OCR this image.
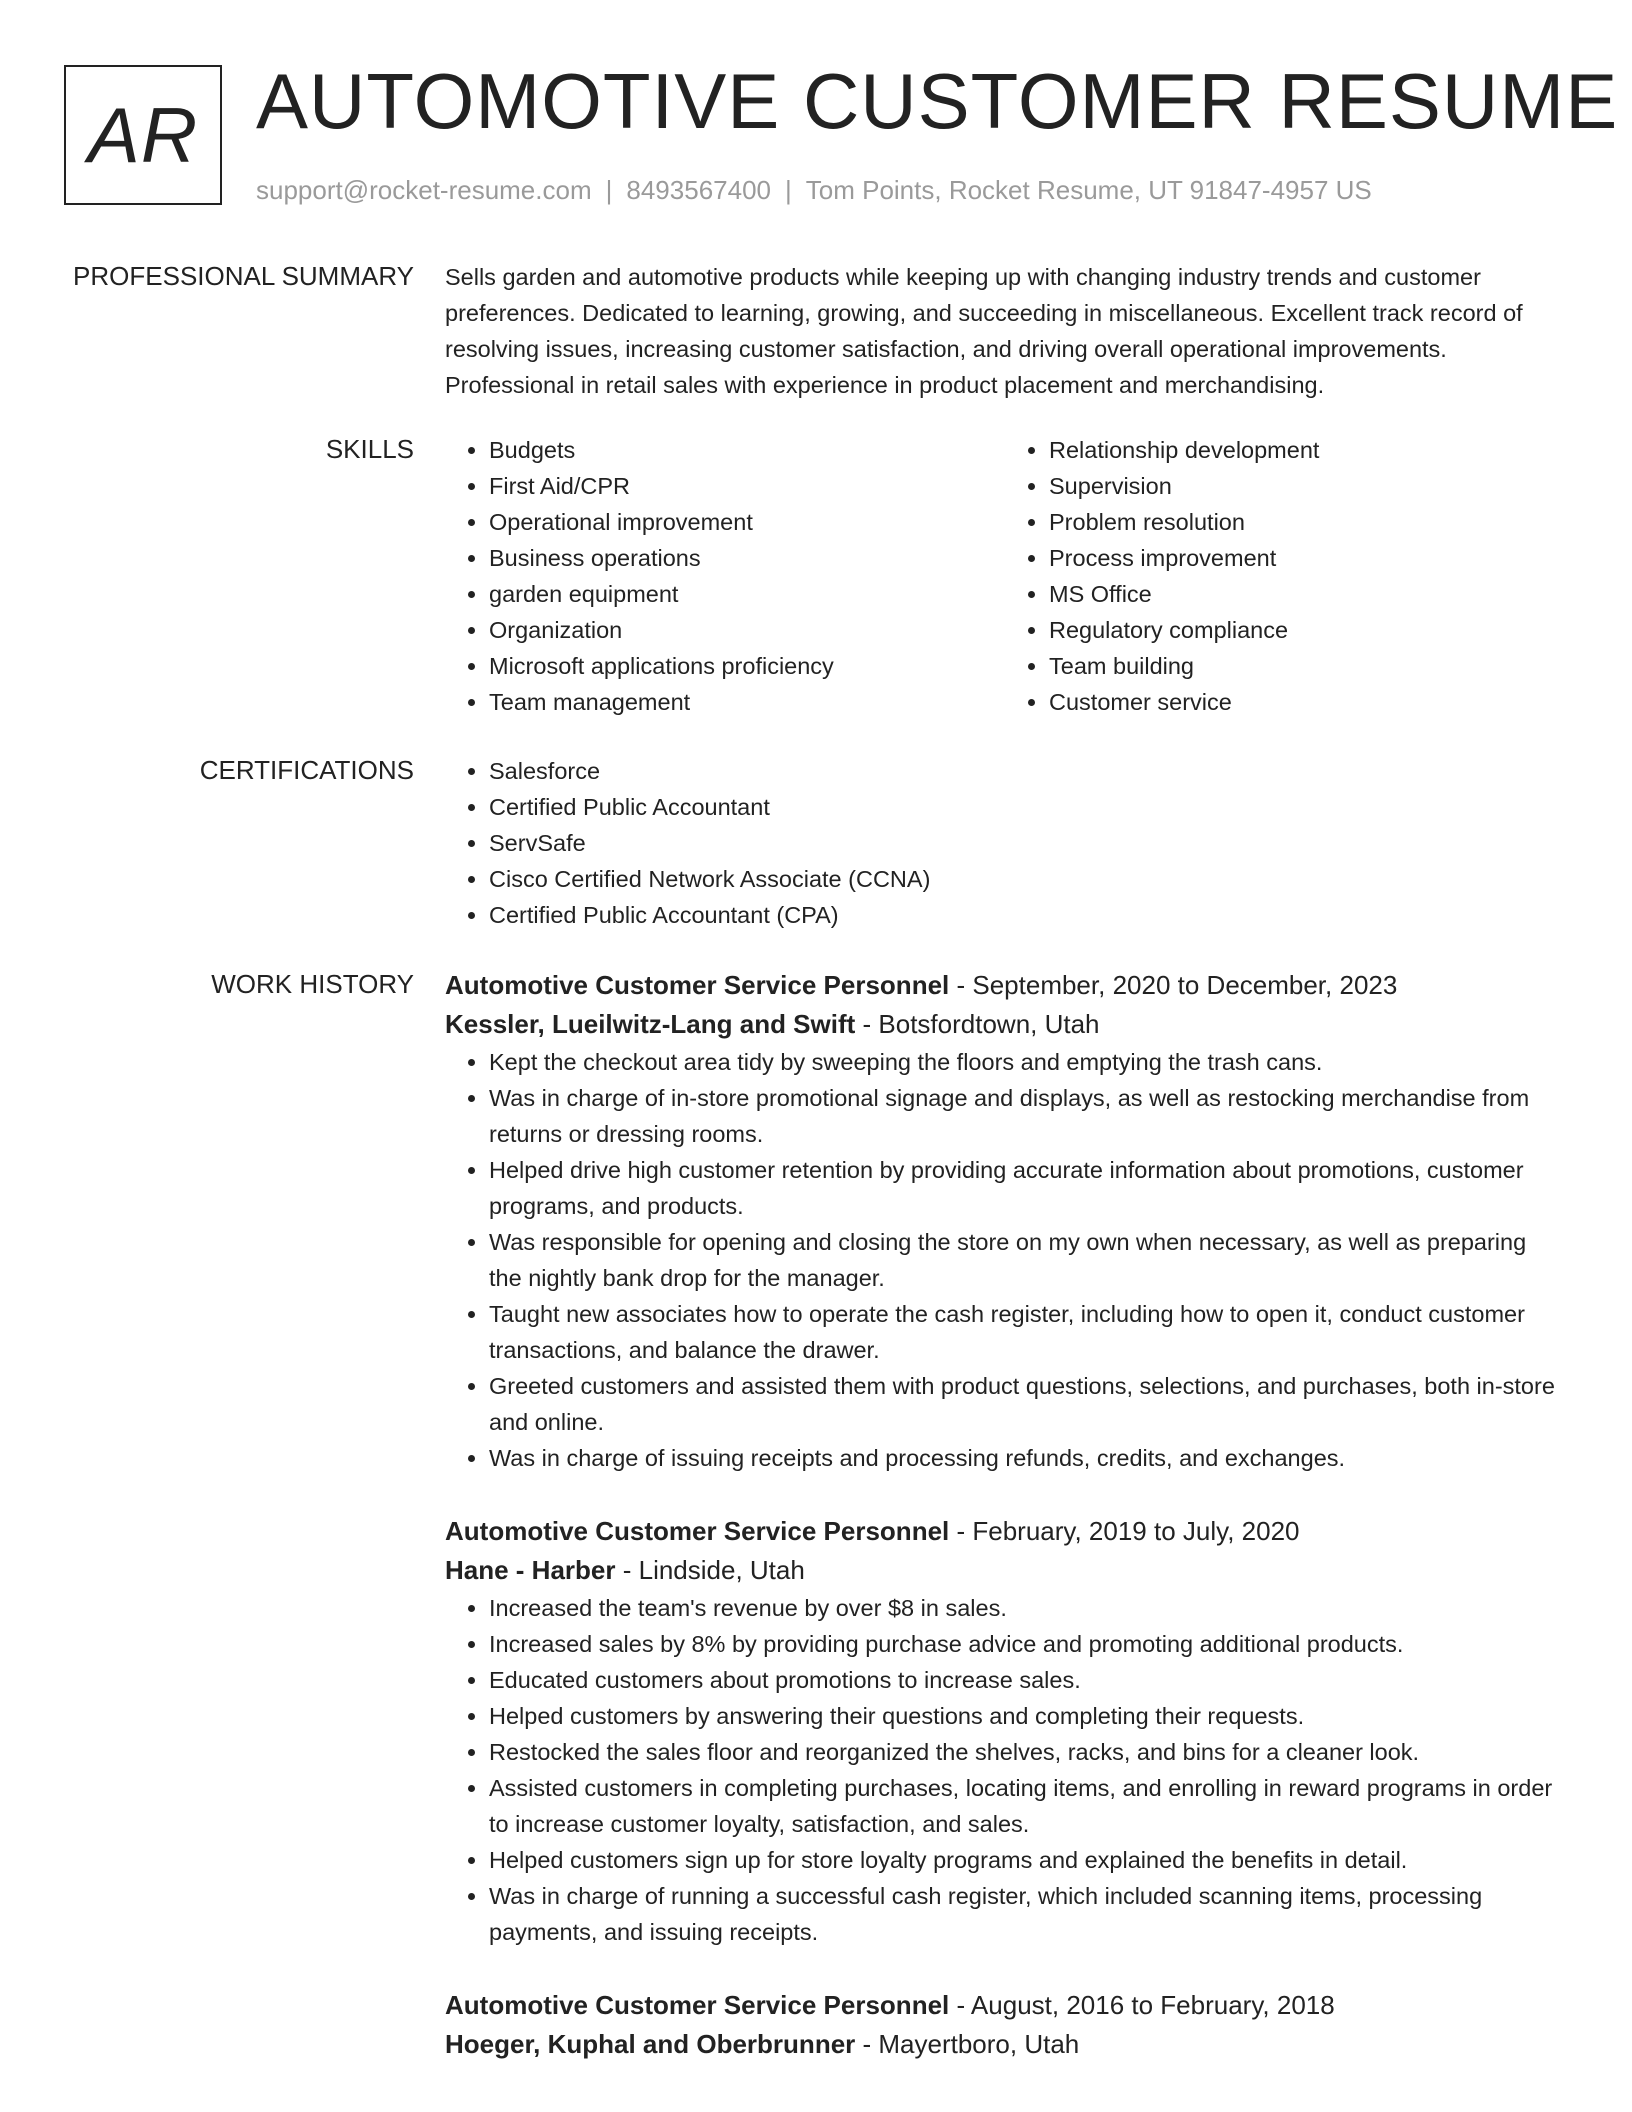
AR AUTOMOTIVE CUSTOMER RESUME
support@rocket-resume.com | 8493567400 | Tom Points, Rocket Resume, UT 91847-4957 US
PROFESSIONAL SUMMARY Sells garden and automotive products while keeping up with changing industry trends and customer preferences. Dedicated to learning, growing, and succeeding in miscellaneous. Excellent track record of resolving issues, increasing customer satisfaction, and driving overall operational improvements. Professional in retail sales with experience in product placement and merchandising.

SKILLS	• Budgets
• First Aid/CPR
• Operational improvement
• Business operations
• garden equipment
• Organization
• Microsoft applications proficiency
• Team management
• Relationship development
• Supervision
• Problem resolution
• Process improvement
• MS Office
• Regulatory compliance
• Team building
• Customer service
CERTIFICATIONS	• Salesforce
• Certified Public Accountant
• ServSafe
• Cisco Certified Network Associate (CCNA)
• Certified Public Accountant (CPA)
WORK HISTORY Automotive Customer Service Personnel - September, 2020 to December, 2023
Kessler, Lueilwitz-Lang and Swift - Botsfordtown, Utah
• Kept the checkout area tidy by sweeping the floors and emptying the trash cans.
• Was in charge of in-store promotional signage and displays, as well as restocking merchandise from returns or dressing rooms.
• Helped drive high customer retention by providing accurate information about promotions, customer programs, and products.
• Was responsible for opening and closing the store on my own when necessary, as well as preparing the nightly bank drop for the manager.
• Taught new associates how to operate the cash register, including how to open it, conduct customer transactions, and balance the drawer.
• Greeted customers and assisted them with product questions, selections, and purchases, both in-store and online.
• Was in charge of issuing receipts and processing refunds, credits, and exchanges.
Automotive Customer Service Personnel - February, 2019 to July, 2020
Hane - Harber - Lindside, Utah
• Increased the team's revenue by over $8 in sales.
• Increased sales by 8% by providing purchase advice and promoting additional products.
• Educated customers about promotions to increase sales.
• Helped customers by answering their questions and completing their requests.
• Restocked the sales floor and reorganized the shelves, racks, and bins for a cleaner look.
• Assisted customers in completing purchases, locating items, and enrolling in reward programs in order to increase customer loyalty, satisfaction, and sales.
• Helped customers sign up for store loyalty programs and explained the benefits in detail.
• Was in charge of running a successful cash register, which included scanning items, processing payments, and issuing receipts.
Automotive Customer Service Personnel - August, 2016 to February, 2018
Hoeger, Kuphal and Oberbrunner - Mayertboro, Utah
